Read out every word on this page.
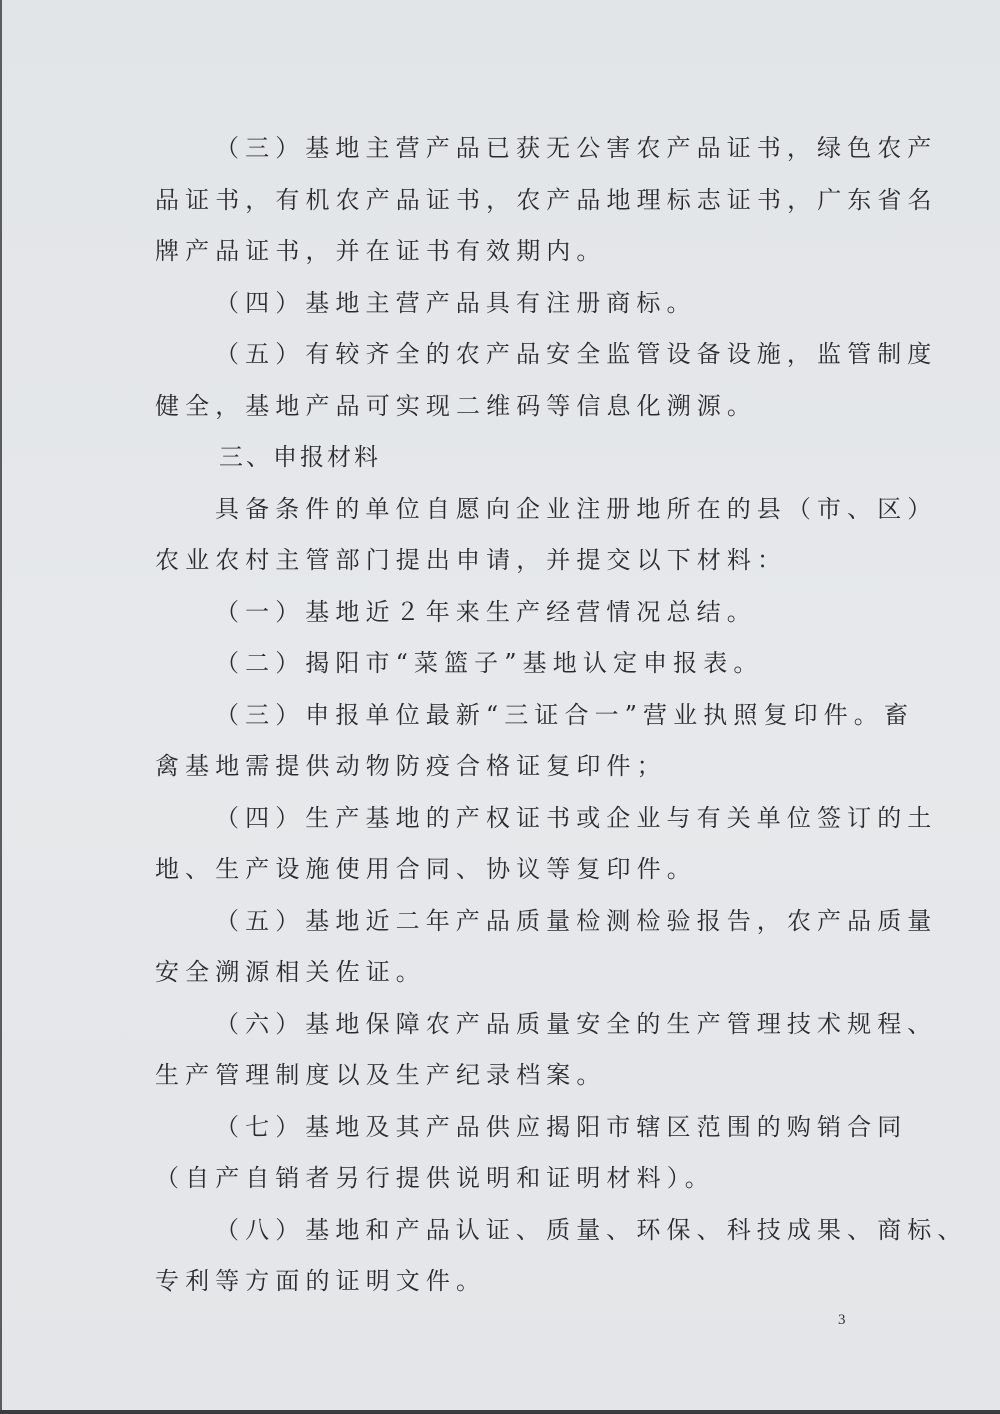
（三）基地主营产品已获无公害农产品证书，绿色农产
品证书，有机农产品证书，农产品地理标志证书，广东省名
牌产品证书，并在证书有效期内。
（四）基地主营产品具有注册商标。
（五）有较齐全的农产品安全监管设备设施，监管制度
健全，基地产品可实现二维码等信息化溯源。
三、申报材料
具备条件的单位自愿向企业注册地所在的县（市、区）
农业农村主管部门提出申请，并提交以下材料：
（一）基地近２年来生产经营情况总结。
（二）揭阳市“菜篮子”基地认定申报表。
（三）申报单位最新“三证合一”营业执照复印件。畜
禽基地需提供动物防疫合格证复印件；
（四）生产基地的产权证书或企业与有关单位签订的土
地、生产设施使用合同、协议等复印件。
（五）基地近二年产品质量检测检验报告，农产品质量
安全溯源相关佐证。
（六）基地保障农产品质量安全的生产管理技术规程、
生产管理制度以及生产纪录档案。
（七）基地及其产品供应揭阳市辖区范围的购销合同
（自产自销者另行提供说明和证明材料）。
（八）基地和产品认证、质量、环保、科技成果、商标、
专利等方面的证明文件。
3
